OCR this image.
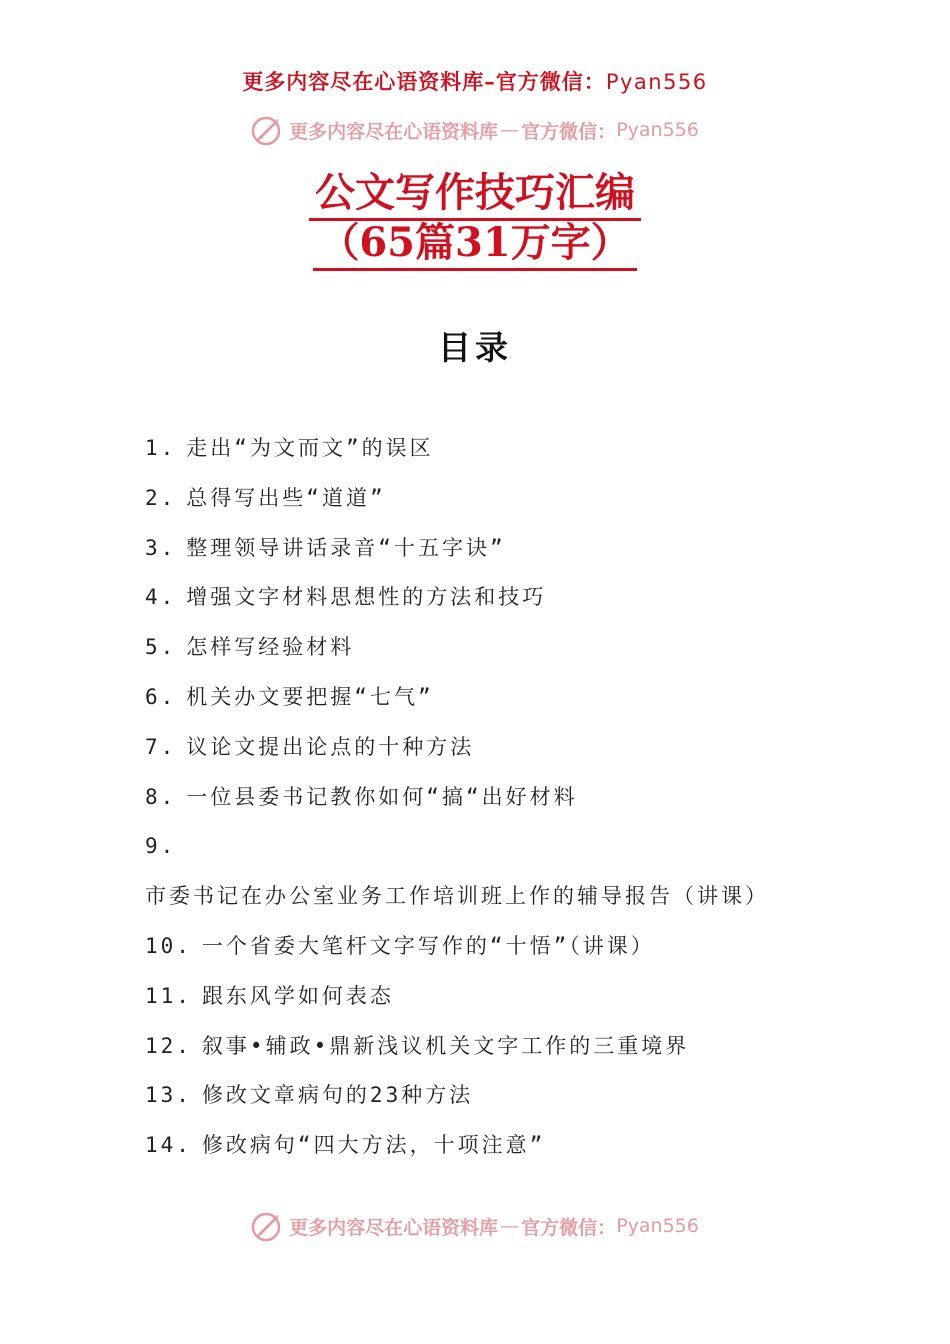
更多内容尽在心语资料库–官方微信：Pyan556
更多内容尽在心语资料库 — 官方微信： Pyan556
公文写作技巧汇编
（65篇31万字）
目录
1. 走出“为文而文”的误区
2. 总得写出些“道道”
3. 整理领导讲话录音“十五字诀”
4. 增强文字材料思想性的方法和技巧
5. 怎样写经验材料
6. 机关办文要把握“七气”
7. 议论文提出论点的十种方法
8. 一位县委书记教你如何“搞“出好材料
9.市委书记在办公室业务工作培训班上作的辅导报告（讲课）
10. 一个省委大笔杆文字写作的“十悟”（讲课）
11. 跟东风学如何表态
12. 叙事•辅政•鼎新浅议机关文字工作的三重境界
13. 修改文章病句的23种方法
14. 修改病句“四大方法，十项注意”
更多内容尽在心语资料库 — 官方微信： Pyan556
